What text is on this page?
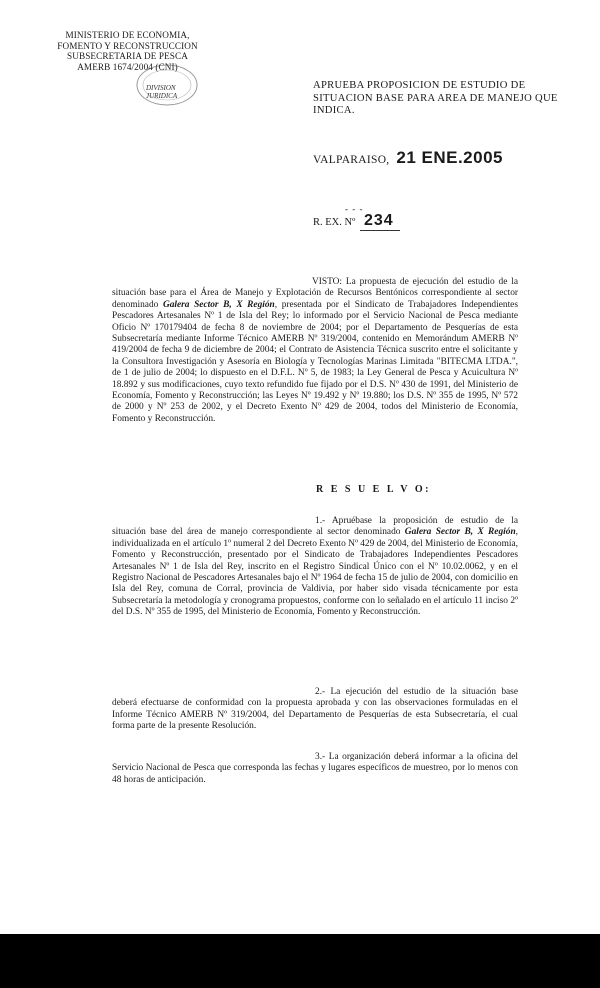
MINISTERIO DE ECONOMIA,
FOMENTO Y RECONSTRUCCION
SUBSECRETARIA DE PESCA
AMERB 1674/2004 (CNI)
DIVISION
JURIDICA
APRUEBA PROPOSICION DE ESTUDIO DE SITUACION BASE PARA AREA DE MANEJO QUE INDICA.
VALPARAISO, 21 ENE.2005
- - -
R. EX. Nº 234
VISTO: La propuesta de ejecución del estudio de la situación base para el Área de Manejo y Explotación de Recursos Bentónicos correspondiente al sector denominado Galera Sector B, X Región, presentada por el Sindicato de Trabajadores Independientes Pescadores Artesanales Nº 1 de Isla del Rey; lo informado por el Servicio Nacional de Pesca mediante Oficio Nº 170179404 de fecha 8 de noviembre de 2004; por el Departamento de Pesquerías de esta Subsecretaría mediante Informe Técnico AMERB Nº 319/2004, contenido en Memorándum AMERB Nº 419/2004 de fecha 9 de diciembre de 2004; el Contrato de Asistencia Técnica suscrito entre el solicitante y la Consultora Investigación y Asesoría en Biología y Tecnologías Marinas Limitada "BITECMA LTDA.", de 1 de julio de 2004; lo dispuesto en el D.F.L. Nº 5, de 1983; la Ley General de Pesca y Acuicultura Nº 18.892 y sus modificaciones, cuyo texto refundido fue fijado por el D.S. Nº 430 de 1991, del Ministerio de Economía, Fomento y Reconstrucción; las Leyes Nº 19.492 y Nº 19.880; los D.S. Nº 355 de 1995, Nº 572 de 2000 y Nº 253 de 2002, y el Decreto Exento Nº 429 de 2004, todos del Ministerio de Economía, Fomento y Reconstrucción.
R E S U E L V O:
1.- Apruébase la proposición de estudio de la situación base del área de manejo correspondiente al sector denominado Galera Sector B, X Región, individualizada en el artículo 1º numeral 2 del Decreto Exento Nº 429 de 2004, del Ministerio de Economía, Fomento y Reconstrucción, presentado por el Sindicato de Trabajadores Independientes Pescadores Artesanales Nº 1 de Isla del Rey, inscrito en el Registro Sindical Único con el Nº 10.02.0062, y en el Registro Nacional de Pescadores Artesanales bajo el Nº 1964 de fecha 15 de julio de 2004, con domicilio en Isla del Rey, comuna de Corral, provincia de Valdivia, por haber sido visada técnicamente por esta Subsecretaría la metodología y cronograma propuestos, conforme con lo señalado en el artículo 11 inciso 2º del D.S. Nº 355 de 1995, del Ministerio de Economía, Fomento y Reconstrucción.
2.- La ejecución del estudio de la situación base deberá efectuarse de conformidad con la propuesta aprobada y con las observaciones formuladas en el Informe Técnico AMERB Nº 319/2004, del Departamento de Pesquerías de esta Subsecretaría, el cual forma parte de la presente Resolución.
3.- La organización deberá informar a la oficina del Servicio Nacional de Pesca que corresponda las fechas y lugares específicos de muestreo, por lo menos con 48 horas de anticipación.
